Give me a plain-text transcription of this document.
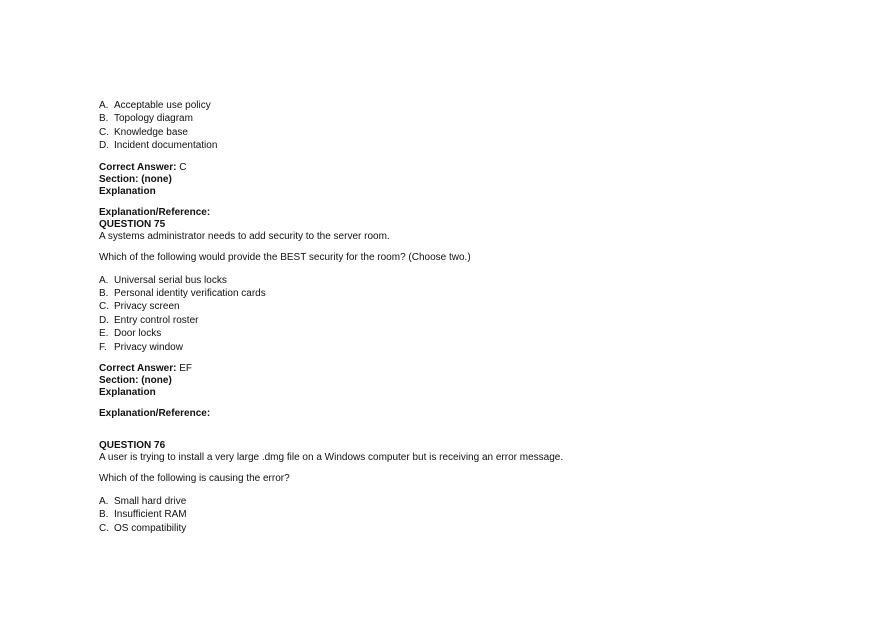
A. Acceptable use policy
B. Topology diagram
C. Knowledge base
D. Incident documentation
Correct Answer: C
Section: (none)
Explanation
Explanation/Reference:
QUESTION 75
A systems administrator needs to add security to the server room.
Which of the following would provide the BEST security for the room? (Choose two.)
A. Universal serial bus locks
B. Personal identity verification cards
C. Privacy screen
D. Entry control roster
E. Door locks
F. Privacy window
Correct Answer: EF
Section: (none)
Explanation
Explanation/Reference:
QUESTION 76
A user is trying to install a very large .dmg file on a Windows computer but is receiving an error message.
Which of the following is causing the error?
A. Small hard drive
B. Insufficient RAM
C. OS compatibility
